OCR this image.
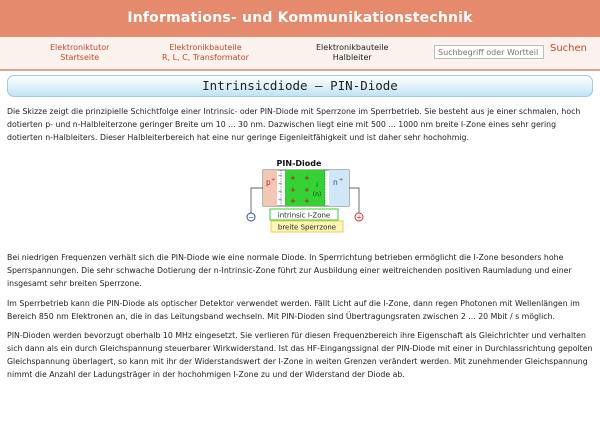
Informations- und Kommunikationstechnik
Elektroniktutor
Startseite
Elektronikbauteile
R, L, C, Transformator
Elektronikbauteile
Halbleiter
Suchbegriff oder Wortteil
Suchen
Intrinsicdiode – PIN-Diode

Die Skizze zeigt die prinzipielle Schichtfolge einer Intrinsic- oder PIN-Diode mit Sperrzone im Sperrbetrieb. Sie besteht aus je einer schmalen, hoch dotierten p- und n-Halbleiterzone geringer Breite um 10 ... 30 nm. Dazwischen liegt eine mit 500 ... 1000 nm breite I-Zone eines sehr gering dotierten n-Halbleiters. Dieser Halbleiterbereich hat eine nur geringe Eigenleitfähigkeit und ist daher sehr hochohmig.

PIN-Diode
−
−
−
−
+ +
+ +
+ +
p +	n +
i
(n)
−	+
intrinsic I-Zone
breite Sperrzone

Bei niedrigen Frequenzen verhält sich die PIN-Diode wie eine normale Diode. In Sperrrichtung betrieben ermöglicht die I-Zone besonders hohe Sperrspannungen. Die sehr schwache Dotierung der n-Intrinsic-Zone führt zur Ausbildung einer weitreichenden positiven Raumladung und einer insgesamt sehr breiten Sperrzone.

Im Sperrbetrieb kann die PIN-Diode als optischer Detektor verwendet werden. Fällt Licht auf die I-Zone, dann regen Photonen mit Wellenlängen im Bereich 850 nm Elektronen an, die in das Leitungsband wechseln. Mit PIN-Dioden sind Übertragungsraten zwischen 2 ... 20 Mbit / s möglich.

PIN-Dioden werden bevorzugt oberhalb 10 MHz eingesetzt. Sie verlieren für diesen Frequenzbereich ihre Eigenschaft als Gleichrichter und verhalten sich dann als ein durch Gleichspannung steuerbarer Wirkwiderstand. Ist das HF-Eingangssignal der PIN-Diode mit einer in Durchlassrichtung gepolten Gleichspannung überlagert, so kann mit ihr der Widerstandswert der I-Zone in weiten Grenzen verändert werden. Mit zunehmender Gleichspannung nimmt die Anzahl der Ladungsträger in der hochohmigen I-Zone zu und der Widerstand der Diode ab.
